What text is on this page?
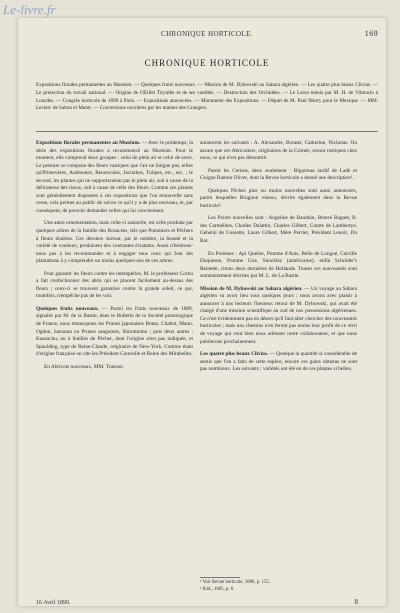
Le-livre.fr
CHRONIQUE HORTICOLE.	169
CHRONIQUE HORTICOLE
Expositions florales permanentes au Muséum. — Quelques fruits nouveaux. — Mission de M. Dybowski au Sahara algérien. — Les quatre plus beaux Clivias. — Le protection du travail national. — Origine de l'Œillet Tirynthe et de ses variétés. — Destruction des Orchidées. — Le Lawn tennis par M. H. de Vilmorin à Lourdes. — Congrès horticole de 1890 à Paris. — Expositions annoncées. — Monument des Expositions. — Départ de M. Paul Murry pour le Mexique. — MM. Leclerc de Sabon et Maret. — Conversions ouvrières par les marnes des Grangers.

Expositions florales permanentes au Muséum. — Avec le printemps, la série des expositions florales a recommencé au Muséum. Pour le moment, elle comprend deux groupes : celui de plein air et celui de serre. Le premier se compose des fleurs rustiques que l'air ne fatigue pas, telles qu'Primevères, Anémones, Renoncules, Jacinthes, Tulipes, etc., etc. ; le second, les plantes qui ne supporteraient pas le plein air, soit à cause de la délicatesse des tissus, soit à cause de celle des fleurs. Comme ces plantes sont généralement disposées à ces expositions que l'on renouvelle sans cesse, cela permet au public de suivre ce qu'il y a de plus nouveau, et, par conséquent, de pouvoir demander celles qui lui conviennent.

Une autre ornementation, mais celle-ci naturelle, est celle produite par quelques arbres de la famille des Rosacées, tels que Pommiers et Pêchers à fleurs doubles. Ces derniers surtout, par le nombre, la beauté et la variété de couleurs, produisent des contrastes éclatants. Aussi n'hésitons-nous pas à les recommander et à engager tous ceux qui font des plantations à y comprendre un moins quelques-uns de ces arbres.

Pour garantir les fleurs contre les intempéries, M. le professeur Cornu a fait confectionner des abris qui se placent facilement au-dessus des fleurs ; ceux-ci se trouvent garanties contre la grande soleil, ce qui, toutefois, n'empêche pas de les voir.

Quelques fruits nouveaux. — Parmi les fruits nouveaux de 1889, signalés par M. de la Bastie, dans le Bulletin de la Société pomologique de France, nous remarquons les Prunes japonaises Botan, Chabot, Mann, Ogdon, Satsuma ou Prunes sanguines, Shiromomo ; puis deux autres : Kasauchu, ou à feuilles de Pêcher, dont l'origine n'est pas indiquée, et Spaulding, type de Reine-Claude, originaire de New-York. Comme étant d'origine française on cite les Président Couriolle et Reine des Mirabelles.

En Abricots nouveaux, MM. Transon

annoncent les suivants : A. Alexandre, Bonnet, Catherine, Nicholas. On assure que ces Abricotiers, originaires de la Crimée, seront rustiques chez nous, ce qui n'est pas démontré.

Parmi les Cerises, deux seulement : Bigarreau tardif de Ladé et Guigne Ramon Oliver, dont la Revue horticole a donné une description¹.

Quelques Pêches plus ou moins nouvelles sont aussi annoncées, parmi lesquelles Brugnon vineux, décrite également dans la Revue horticole².

Les Poires nouvelles sont : Angeline de Baudoin, Beurré Baguet, B. des Carmélites, Charles Dalattin, Charles Gilbert, Comte de Lambertye, Général de Cossette, Laure Gilbert, Mère Perrier, Président Lenoir, Du Rat.

En Pommes : Api Quétier, Pomme d'Anis, Belle de Longué, Calville Duquesne, Pomme Cire, Shockley (américaine), enfin Schröder's Reinette, citons deux dernières de Hollande. Toutes ces nouveautés sont sommairement décrites par M. L. de La Bastie.

Mission de M. Dybowski au Sahara algérien. — Un voyage au Sahara algérien va avoir lieu sous quelques jours ; nous avons avec plaisir à annoncer à nos lecteurs l'heureux retour de M. Dybowski, qui avait été chargé d'une mission scientifique au sud de nos possessions algériennes. Ce n'est évidemment pas en désert qu'il faut aller chercher des nouveautés horticoles ; mais nos chemins n'en feront pas moins leur profit de ce récit de voyage qui veut bien nous adresser notre collaborateur, et que nous publierons prochainement.

Les quatre plus beaux Clivias. — Quelque la quantité si considérable de semis que l'on a faits de cette espèce, encore ces gains obtenus ne sont pas nombreux. Les suivants : variétés ont été en de ces plantes si belles.

¹ Voir Revue horticole, 1888, p. 155.
² Ibid., 1885, p. 6.
16 Avril 1890.	8
